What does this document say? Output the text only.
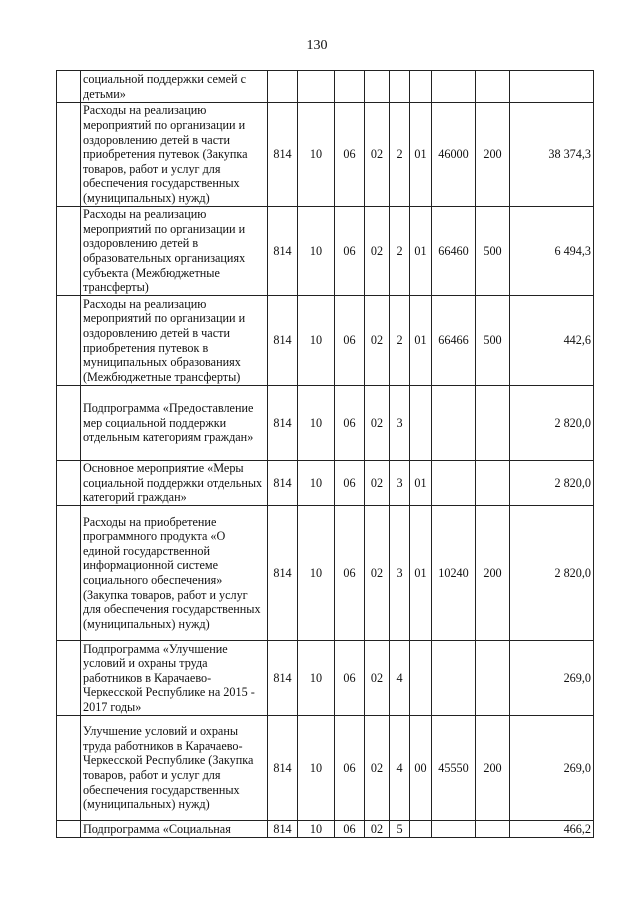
130
	социальной поддержки семей с детьми»									
	Расходы на реализацию мероприятий по организации и оздоровлению детей в части приобретения путевок (Закупка товаров, работ и услуг для обеспечения государственных (муниципальных) нужд)	814	10	06	02	2	01	46000	200	38 374,3
	Расходы на реализацию мероприятий по организации и оздоровлению детей в образовательных организациях субъекта (Межбюджетные трансферты)	814	10	06	02	2	01	66460	500	6 494,3
	Расходы на реализацию мероприятий по организации и оздоровлению детей в части приобретения путевок в муниципальных образованиях (Межбюджетные трансферты)	814	10	06	02	2	01	66466	500	442,6
	Подпрограмма «Предоставление мер социальной поддержки отдельным категориям граждан»	814	10	06	02	3				2 820,0
	Основное мероприятие «Меры социальной поддержки отдельных категорий граждан»	814	10	06	02	3	01			2 820,0
	Расходы на приобретение программного продукта «О единой государственной информационной системе социального обеспечения» (Закупка товаров, работ и услуг для обеспечения государственных (муниципальных) нужд)	814	10	06	02	3	01	10240	200	2 820,0
	Подпрограмма «Улучшение условий и охраны труда работников в Карачаево-Черкесской Республике на 2015 - 2017 годы»	814	10	06	02	4				269,0
	Улучшение условий и охраны труда работников в Карачаево-Черкесской Республике (Закупка товаров, работ и услуг для обеспечения государственных (муниципальных) нужд)	814	10	06	02	4	00	45550	200	269,0
	Подпрограмма «Социальная	814	10	06	02	5				466,2
